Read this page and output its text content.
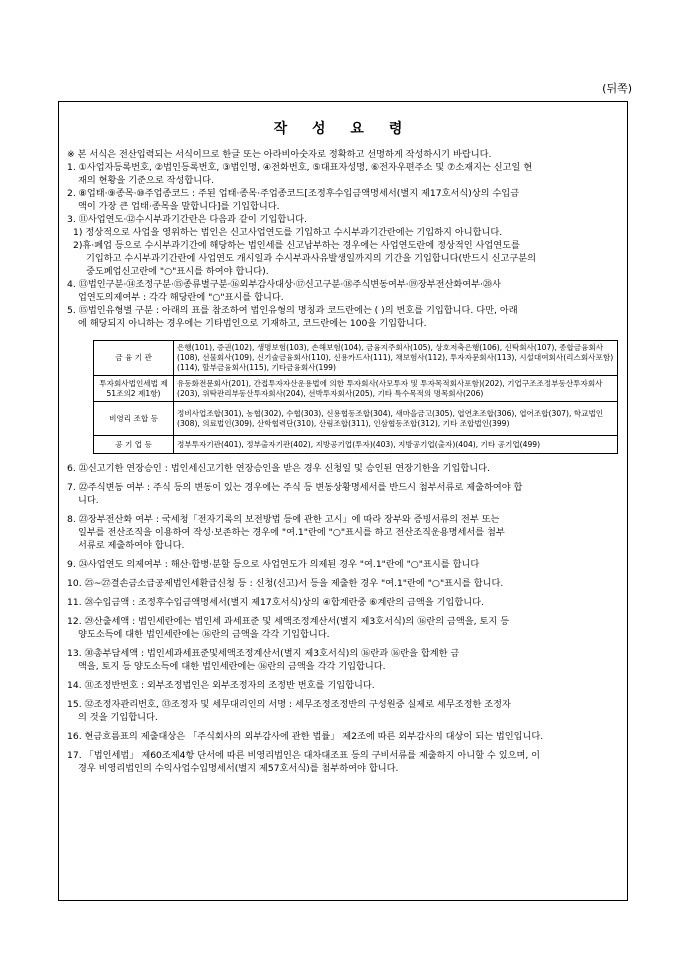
(뒤쪽)
작 성 요 령

※ 본 서식은 전산입력되는 서식이므로 한글 또는 아라비아숫자로 정확하고 선명하게 작성하시기 바랍니다.

1. ①사업자등록번호, ②법인등록번호, ③법인명, ④전화번호, ⑤대표자성명, ⑥전자우편주소 및 ⑦소재지는 신고일 현
재의 현황을 기준으로 작성합니다.

2. ⑧업태·⑨종목·⑩주업종코드 : 주된 업태·종목·주업종코드[조정후수입금액명세서(별지 제17호서식)상의 수입금
액이 가장 큰 업태·종목을 말합니다]를 기입합니다.

3. ⑪사업연도·⑫수시부과기간란은 다음과 같이 기입합니다.

1) 정상적으로 사업을 영위하는 법인은 신고사업연도를 기입하고 수시부과기간란에는 기입하지 아니합니다.

2)휴·폐업 등으로 수시부과기간에 해당하는 법인세를 신고납부하는 경우에는 사업연도란에 정상적인 사업연도를
기입하고 수시부과기간란에 사업연도 개시일과 수시부과사유발생일까지의 기간을 기입합니다(반드시 신고구분의
중도폐업신고란에 "○"표시를 하여야 합니다).

4. ⑬법인구분·⑭조정구분·⑮종류별구분·⑯외부감사대상·⑰신고구분·⑱주식변동여부·⑲장부전산화여부·⑳사
업연도의제여부 : 각각 해당란에 "○"표시를 합니다.

5. ⑮법인유형별 구분 : 아래의 표를 참조하여 법인유형의 명칭과 코드란에는 ( )의 번호를 기입합니다. 다만, 아래
에 해당되지 아니하는 경우에는 기타법인으로 기재하고, 코드란에는 100을 기입합니다.

금 융 기 관	은행(101), 증권(102), 생명보험(103), 손해보험(104), 금융지주회사(105), 상호저축은행(106), 신탁회사(107), 종합금융회사(108), 선물회사(109), 신기술금융회사(110), 신용카드사(111), 채보험사(112), 투자자문회사(113), 시설대여회사(리스회사포함)(114), 할부금융회사(115), 기타금융회사(199)
투자회사법인세법 제51조의2 제1항)	유동화전문회사(201), 간접투자자산운용법에 의한 투자회사(사모투자 및 투자목적회사포함)(202), 기업구조조정부동산투자회사(203), 위탁관리부동산투자회사(204), 선박투자회사(205), 기타 특수목적의 명목회사(206)
비영리 조합 등	정비사업조합(301), 농협(302), 수협(303), 신용협동조합(304), 새마을금고(305), 엽연초조합(306), 엽어조합(307), 학교법인(308), 의료법인(309), 산학협력단(310), 산림조합(311), 인삼협동조합(312), 기타 조합법인(399)
공 기 업 등	정부투자기관(401), 정부출자기관(402), 지방공기업(투자)(403), 지방공기업(출자)(404), 기타 공기업(499)

6. ㉑신고기한 연장승인 : 법인세신고기한 연장승인을 받은 경우 신청일 및 승인된 연장기한을 기입합니다.

7. ㉒주식변동 여부 : 주식 등의 변동이 있는 경우에는 주식 등 변동상황명세서를 반드시 첨부서류로 제출하여야 합
니다.

8. ㉓장부전산화 여부 : 국세청「전자기록의 보전방법 등에 관한 고시」에 따라 장부와 증빙서류의 전부 또는
일부를 전산조직을 이용하여 작성·보존하는 경우에 "여.1"란에 "○"표시를 하고 전산조직운용명세서를 첨부
서류로 제출하여야 합니다.

9. ㉔사업연도 의제여부 : 해산·합병·분할 등으로 사업연도가 의제된 경우 "여.1"란에 "○"표시를 합니다

10. ㉕~㉗결손금소급공제법인세환급신청 등 : 신청(신고)서 등을 제출한 경우 "여.1"란에 "○"표시를 합니다.

11. ㉘수입금액 : 조정후수입금액명세서(별지 제17호서식)상의 ④합계란중 ⑥계란의 금액을 기입합니다.

12. ㉙산출세액 : 법인세란에는 법인세 과세표준 및 세액조정계산서(별지 제3호서식)의 ⑯란의 금액을, 토지 등
양도소득에 대한 법인세란에는 ⑯란의 금액을 각각 기입합니다.

13. ㉚총부담세액 : 법인세과세표준및세액조정계산서(별지 제3호서식)의 ⑯란과 ⑯란을 합계한 금
액을, 토지 등 양도소득에 대한 법인세란에는 ⑯란의 금액을 각각 기입합니다.

14. ㉛조정반번호 : 외부조정법인은 외부조정자의 조정반 번호를 기입합니다.

15. ㉜조정자관리번호, ㉝조정자 및 세무대리인의 서명 : 세무조정조정반의 구성원중 실제로 세무조정한 조정자
의 것을 기입합니다.

16. 현금흐름표의 제출대상은 「주식회사의 외부감사에 관한 법률」 제2조에 따른 외부감사의 대상이 되는 법인입니다.

17. 「법인세법」 제60조제4항 단서에 따른 비영리법인은 대차대조표 등의 구비서류를 제출하지 아니할 수 있으며, 이
경우 비영리법인의 수익사업수입명세서(별지 제57호서식)를 첨부하여야 합니다.
